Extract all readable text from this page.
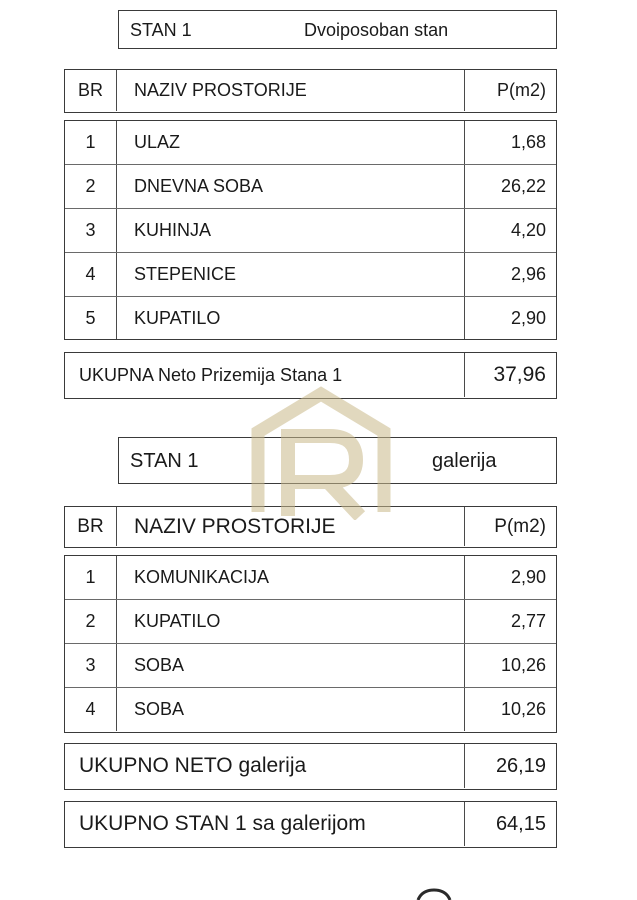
STAN 1	Dvoiposoban stan
BR	NAZIV PROSTORIJE	P(m2)
1	ULAZ	1,68
2	DNEVNA SOBA	26,22
3	KUHINJA	4,20
4	STEPENICE	2,96
5	KUPATILO	2,90
UKUPNA Neto Prizemija Stana 1	37,96
STAN 1	galerija
BR	NAZIV PROSTORIJE	P(m2)
1	KOMUNIKACIJA	2,90
2	KUPATILO	2,77
3	SOBA	10,26
4	SOBA	10,26
UKUPNO NETO galerija	26,19
UKUPNO STAN 1 sa galerijom	64,15
